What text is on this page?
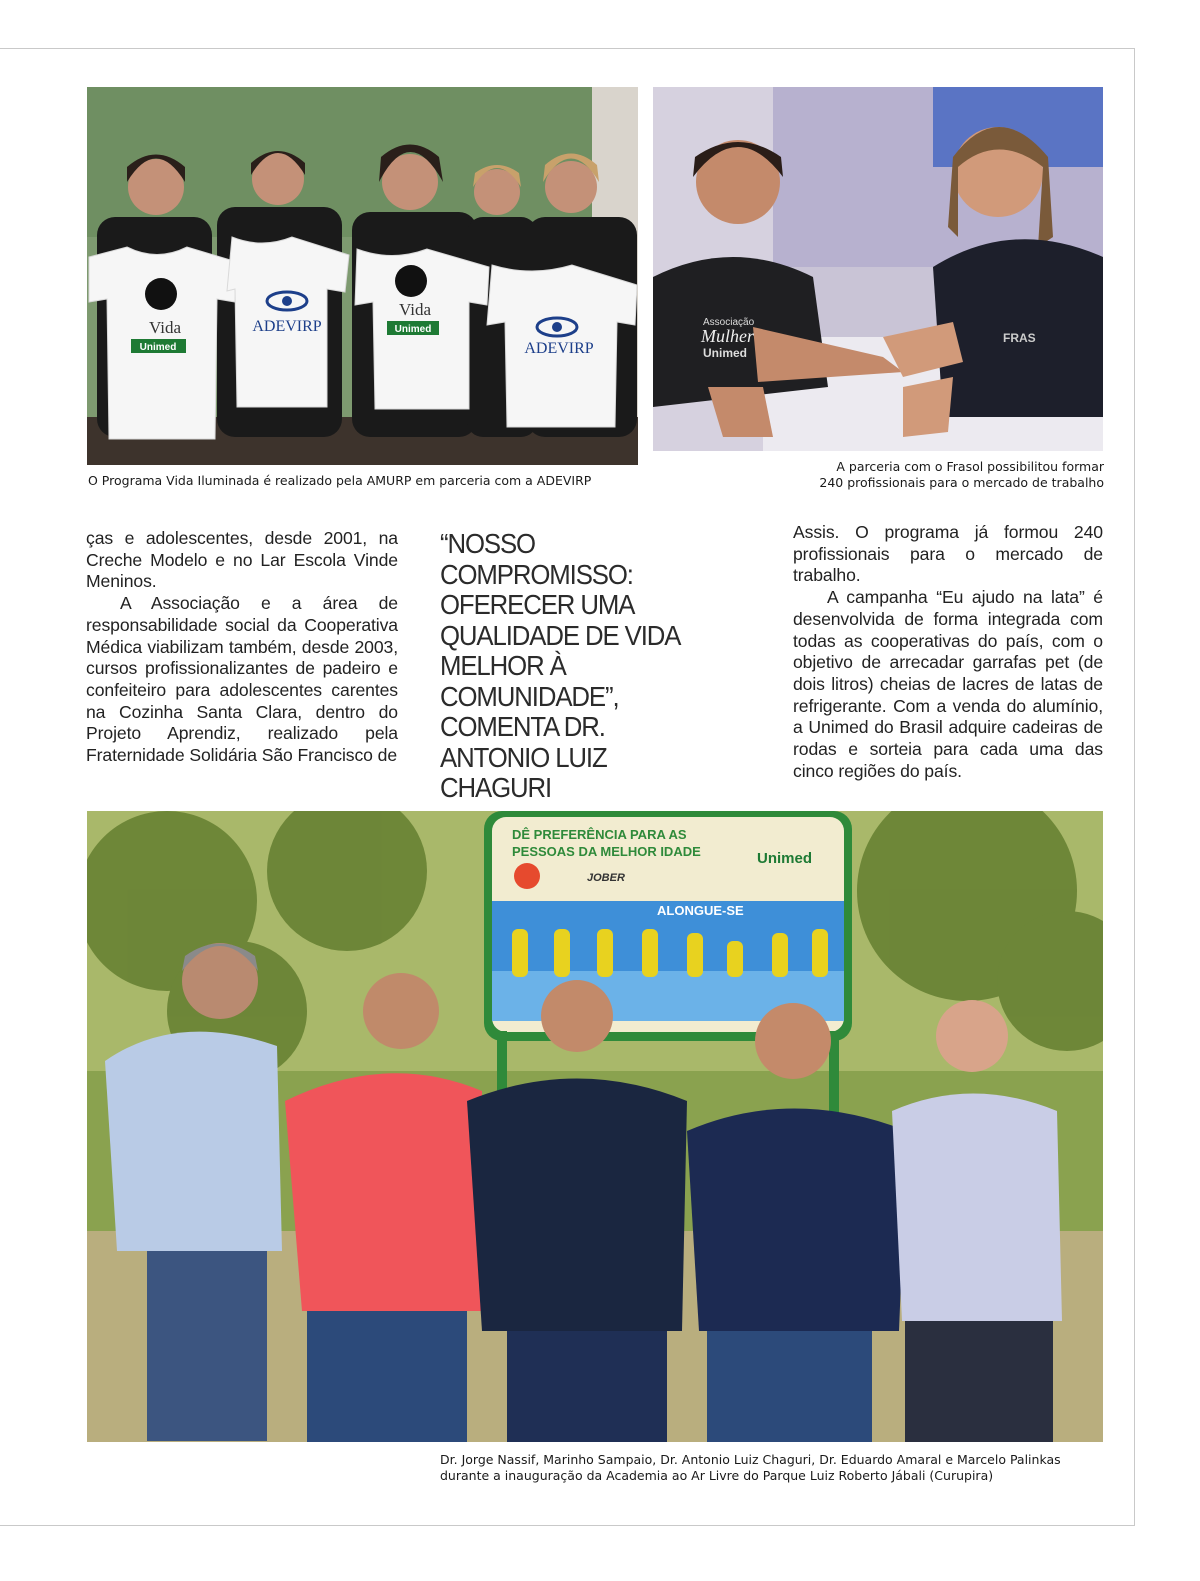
Vida
Unimed
Vida
Unimed
ADEVIRP
ADEVIRP
Associação
Mulher
Unimed
FRAS
O Programa Vida Iluminada é realizado pela AMURP em parceria com a ADEVIRP
A parceria com o Frasol possibilitou formar
240 profissionais para o mercado de trabalho

ças e adolescentes, desde 2001, na Creche Modelo e no Lar Escola Vinde Meninos.

A Associação e a área de responsabilidade social da Cooperativa Médica viabilizam também, desde 2003, cursos profissionalizantes de padeiro e confeiteiro para adolescentes carentes na Cozinha Santa Clara, dentro do Projeto Aprendiz, realizado pela Fraternidade Solidária São Francisco de

“NOSSO COMPROMISSO: OFERECER UMA QUALIDADE DE VIDA MELHOR À COMUNIDADE”, COMENTA DR. ANTONIO LUIZ CHAGURI

Assis. O programa já formou 240 profissionais para o mercado de trabalho.

A campanha “Eu ajudo na lata” é desenvolvida de forma integrada com todas as cooperativas do país, com o objetivo de arrecadar garrafas pet (de dois litros) cheias de lacres de latas de refrigerante. Com a venda do alumínio, a Unimed do Brasil adquire cadeiras de rodas e sorteia para cada uma das cinco regiões do país.

DÊ PREFERÊNCIA PARA AS
PESSOAS DA MELHOR IDADE	Unimed
JOBER
ALONGUE-SE
Dr. Jorge Nassif, Marinho Sampaio, Dr. Antonio Luiz Chaguri, Dr. Eduardo Amaral e Marcelo Palinkas
durante a inauguração da Academia ao Ar Livre do Parque Luiz Roberto Jábali (Curupira)
